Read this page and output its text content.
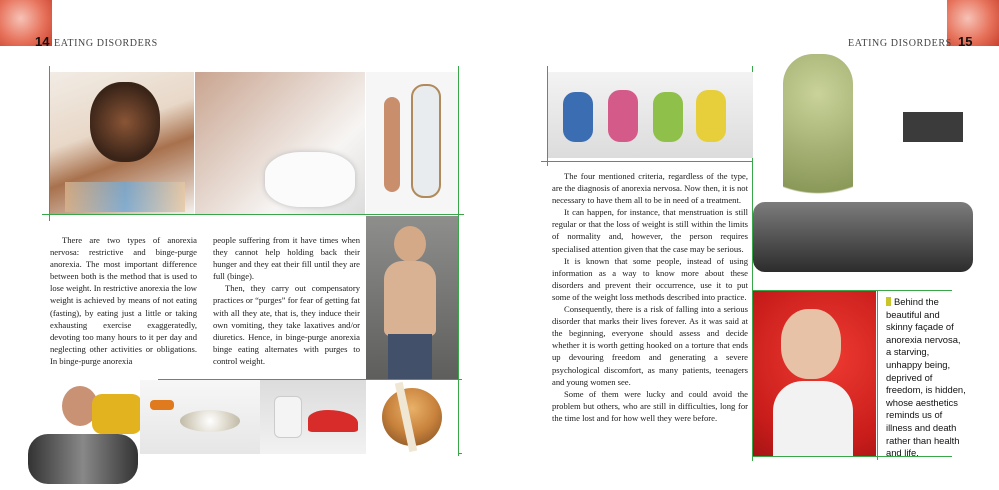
14 EATING DISORDERS

There are two types of anorexia nervosa: restrictive and binge-purge anorexia. The most important difference between both is the method that is used to lose weight. In restrictive anorexia the low weight is achieved by means of not eating (fasting), by eating just a little or taking exhausting exercise exaggeratedly, devoting too many hours to it per day and neglecting other activities or obligations. In binge-purge anorexia

people suffering from it have times when they cannot help holding back their hunger and they eat their fill until they are full (binge).

Then, they carry out compensatory practices or “purges” for fear of getting fat with all they ate, that is, they induce their own vomiting, they take laxatives and/or diuretics. Hence, in binge-purge anorexia binge eating alternates with purges to control weight.

EATING DISORDERS 15

The four mentioned criteria, regardless of the type, are the diagnosis of anorexia nervosa. Now then, it is not necessary to have them all to be in need of a treatment.

It can happen, for instance, that menstruation is still regular or that the loss of weight is still within the limits of normality and, however, the person requires specialised attention given that the case may be serious.

It is known that some people, instead of using information as a way to know more about these disorders and prevent their occurrence, use it to put some of the weight loss methods described into practice.

Consequently, there is a risk of falling into a serious disorder that marks their lives forever. As it was said at the beginning, everyone should assess and decide whether it is worth getting hooked on a torture that ends up devouring freedom and generating a severe psychological discomfort, as many patients, teenagers and young women see.

Some of them were lucky and could avoid the problem but others, who are still in difficulties, long for the time lost and for how well they were before.

Behind the beautiful and skinny façade of anorexia nervosa, a starving, unhappy being, deprived of freedom, is hidden, whose aesthetics reminds us of illness and death rather than health and life.
